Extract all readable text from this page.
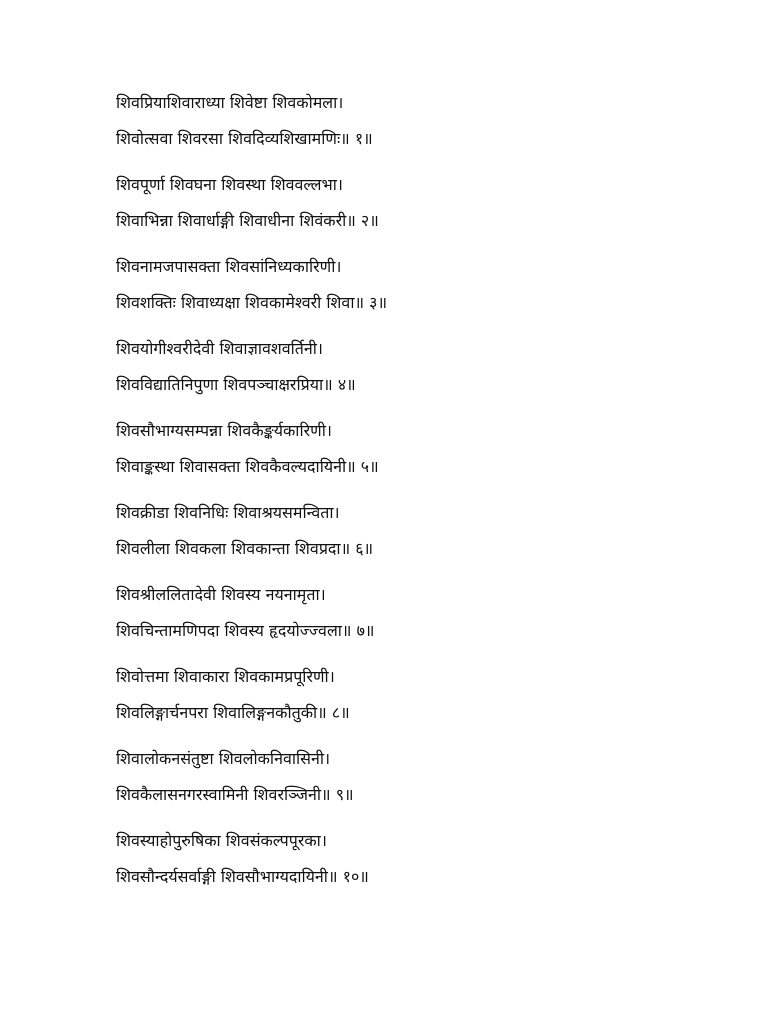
शिवप्रियाशिवाराध्या शिवेष्टा शिवकोमला।
शिवोत्सवा शिवरसा शिवदिव्यशिखामणिः॥ १॥
शिवपूर्णा शिवघना शिवस्था शिववल्लभा।
शिवाभिन्ना शिवार्धाङ्गी शिवाधीना शिवंकरी॥ २॥
शिवनामजपासक्ता शिवसांनिध्यकारिणी।
शिवशक्तिः शिवाध्यक्षा शिवकामेश्वरी शिवा॥ ३॥
शिवयोगीश्वरीदेवी शिवाज्ञावशवर्तिनी।
शिवविद्यातिनिपुणा शिवपञ्चाक्षरप्रिया॥ ४॥
शिवसौभाग्यसम्पन्ना शिवकैङ्कर्यकारिणी।
शिवाङ्कस्था शिवासक्ता शिवकैवल्यदायिनी॥ ५॥
शिवक्रीडा शिवनिधिः शिवाश्रयसमन्विता।
शिवलीला शिवकला शिवकान्ता शिवप्रदा॥ ६॥
शिवश्रीललितादेवी शिवस्य नयनामृता।
शिवचिन्तामणिपदा शिवस्य हृदयोज्ज्वला॥ ७॥
शिवोत्तमा शिवाकारा शिवकामप्रपूरिणी।
शिवलिङ्गार्चनपरा शिवालिङ्गनकौतुकी॥ ८॥
शिवालोकनसंतुष्टा शिवलोकनिवासिनी।
शिवकैलासनगरस्वामिनी शिवरञ्जिनी॥ ९॥
शिवस्याहोपुरुषिका शिवसंकल्पपूरका।
शिवसौन्दर्यसर्वाङ्गी शिवसौभाग्यदायिनी॥ १०॥
